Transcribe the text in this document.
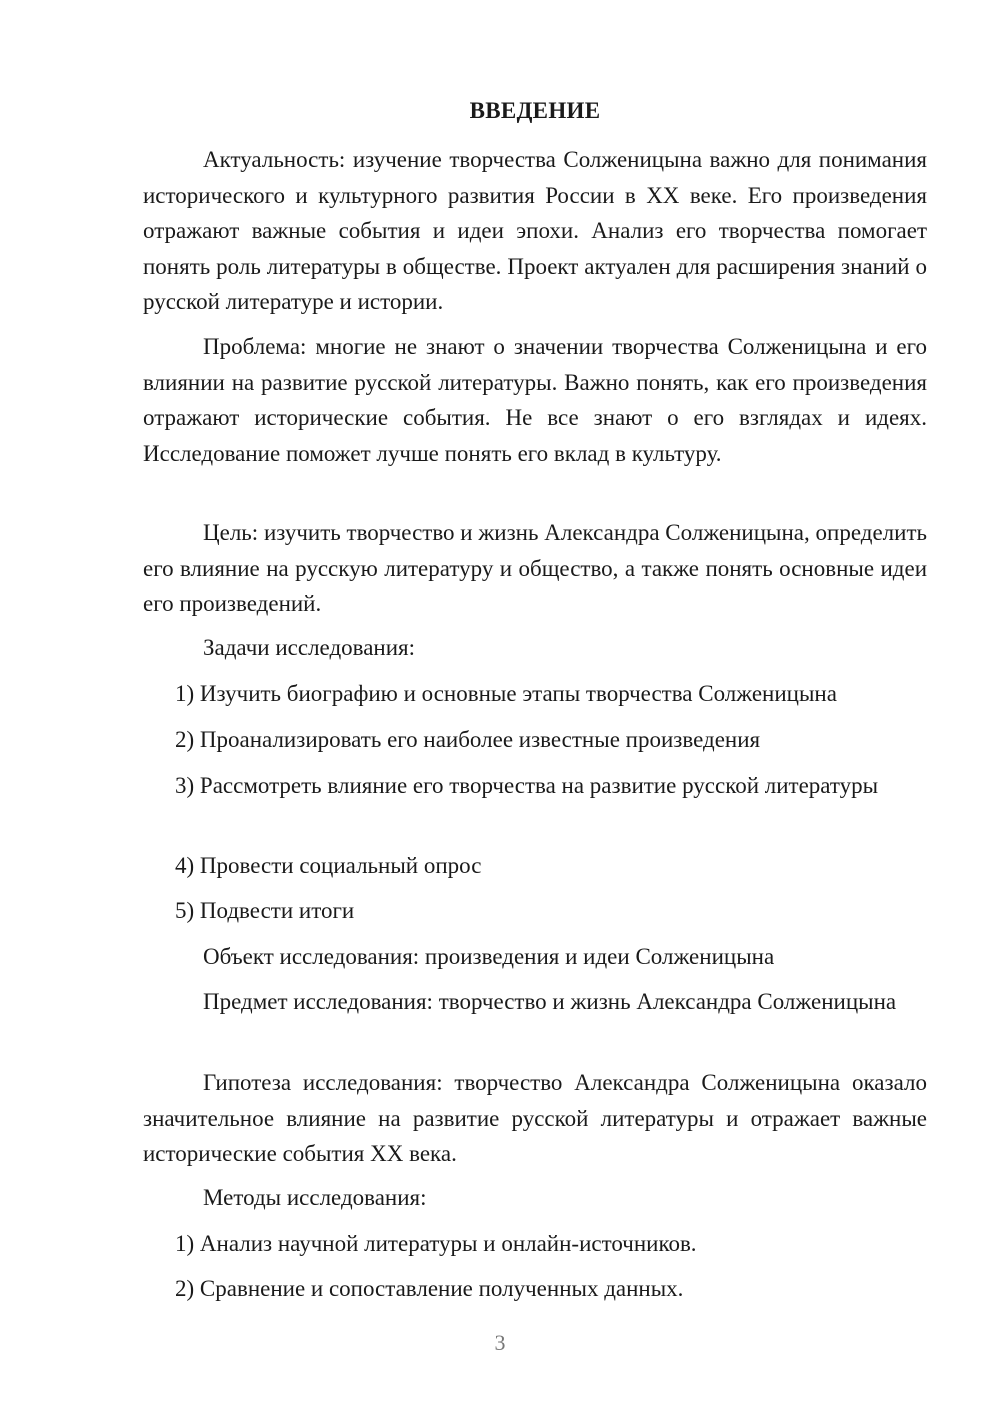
ВВЕДЕНИЕ

Актуальность: изучение творчества Солженицына важно для понимания исторического и культурного развития России в XX веке. Его произведения отражают важные события и идеи эпохи. Анализ его творчества помогает понять роль литературы в обществе. Проект актуален для расширения знаний о русской литературе и истории.

Проблема: многие не знают о значении творчества Солженицына и его влиянии на развитие русской литературы. Важно понять, как его произведения отражают исторические события. Не все знают о его взглядах и идеях. Исследование поможет лучше понять его вклад в культуру.

Цель: изучить творчество и жизнь Александра Солженицына, определить его влияние на русскую литературу и общество, а также понять основные идеи его произведений.

Задачи исследования:

1) Изучить биографию и основные этапы творчества Солженицына

2) Проанализировать его наиболее известные произведения

3) Рассмотреть влияние его творчества на развитие русской литературы

4) Провести социальный опрос

5) Подвести итоги

Объект исследования: произведения и идеи Солженицына

Предмет исследования: творчество и жизнь Александра Солженицына

Гипотеза исследования: творчество Александра Солженицына оказало значительное влияние на развитие русской литературы и отражает важные исторические события XX века.

Методы исследования:

1) Анализ научной литературы и онлайн-источников.

2) Сравнение и сопоставление полученных данных.

3
